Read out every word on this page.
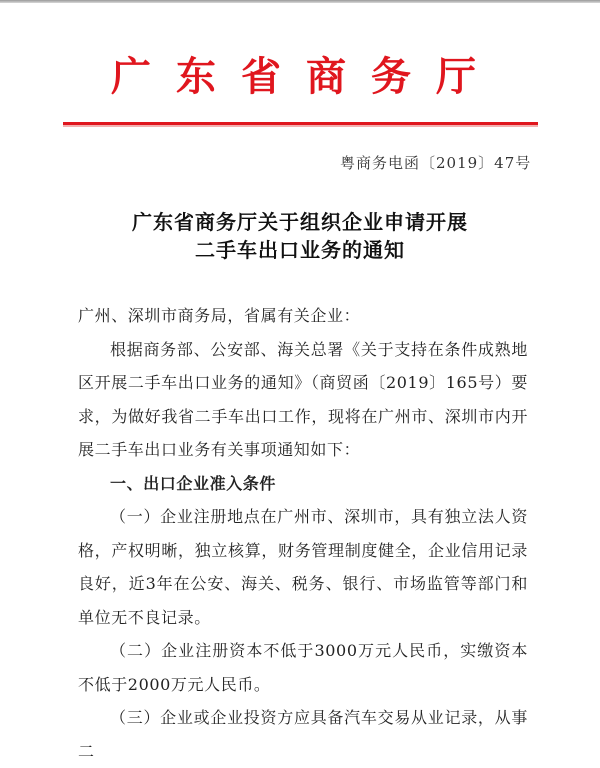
广东省商务厅
粤商务电函〔2019〕47号
广东省商务厅关于组织企业申请开展
二手车出口业务的通知

广州、深圳市商务局，省属有关企业：

根据商务部、公安部、海关总署《关于支持在条件成熟地区开展二手车出口业务的通知》（商贸函〔2019〕165号）要求，为做好我省二手车出口工作，现将在广州市、深圳市内开展二手车出口业务有关事项通知如下：

一、出口企业准入条件

（一）企业注册地点在广州市、深圳市，具有独立法人资格，产权明晰，独立核算，财务管理制度健全，企业信用记录良好，近3年在公安、海关、税务、银行、市场监管等部门和单位无不良记录。

（二）企业注册资本不低于3000万元人民币，实缴资本不低于2000万元人民币。

（三）企业或企业投资方应具备汽车交易从业记录，从事二
